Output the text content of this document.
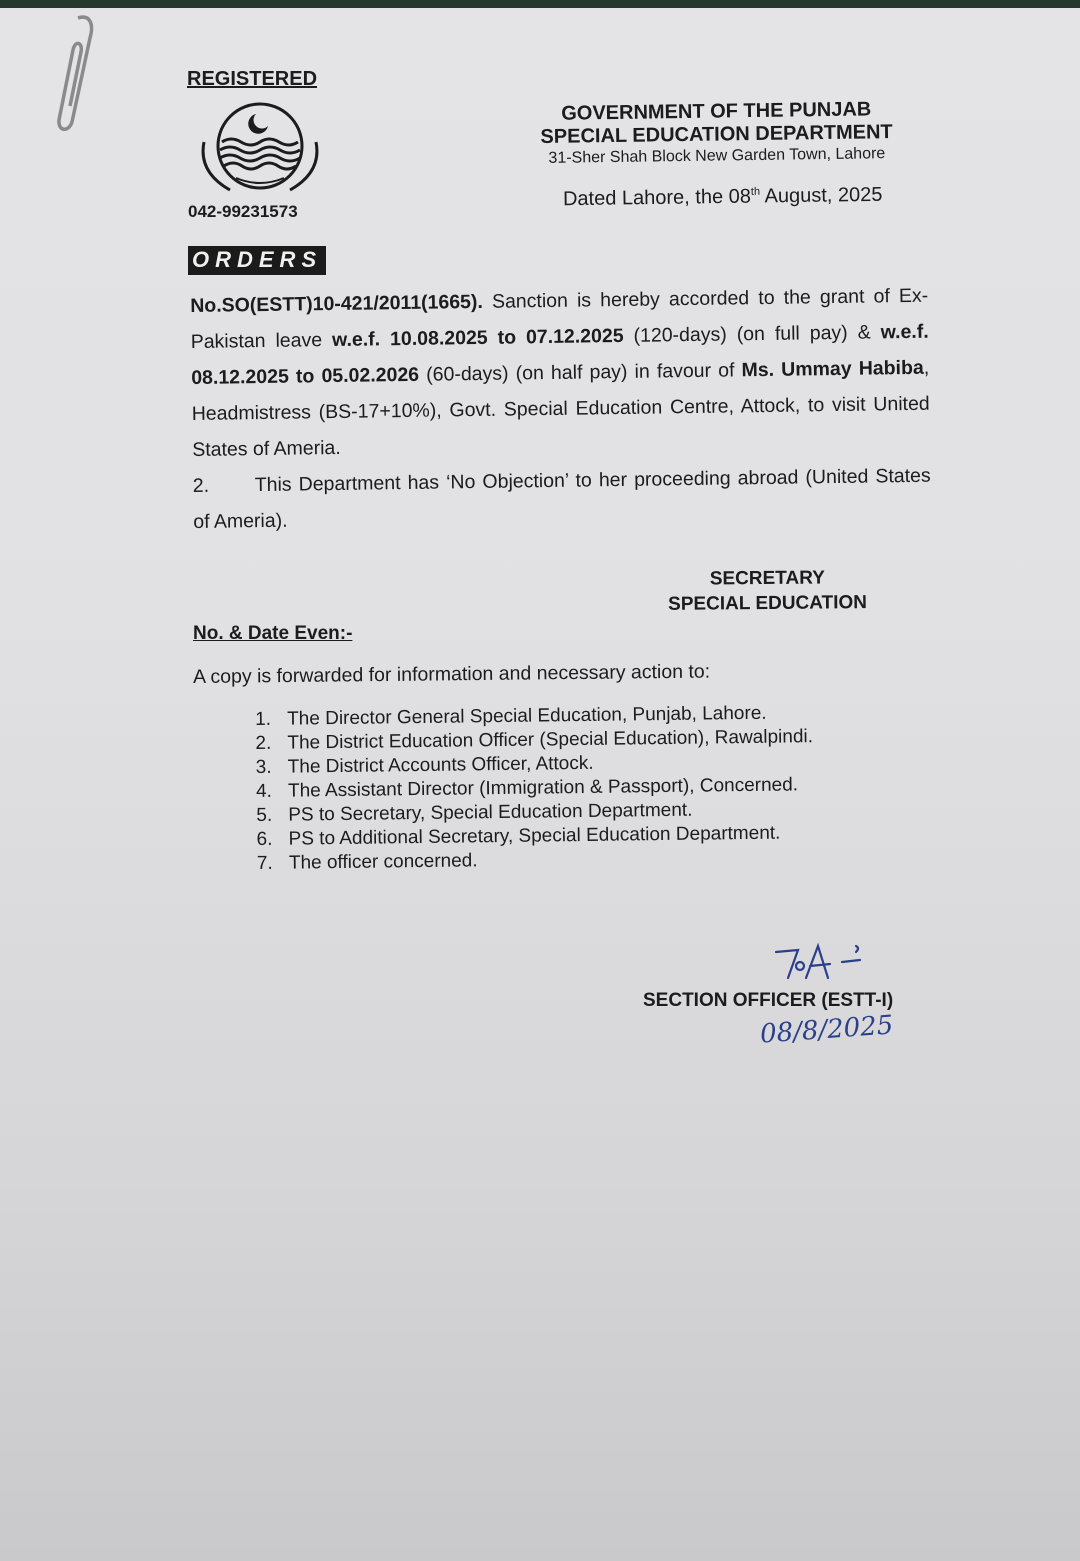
REGISTERED
042-99231573
ORDERS
GOVERNMENT OF THE PUNJAB
SPECIAL EDUCATION DEPARTMENT
31-Sher Shah Block New Garden Town, Lahore
Dated Lahore, the 08th August, 2025

No.SO(ESTT)10-421/2011(1665). Sanction is hereby accorded to the grant of Ex-Pakistan leave w.e.f. 10.08.2025 to 07.12.2025 (120-days) (on full pay) & w.e.f. 08.12.2025 to 05.02.2026 (60-days) (on half pay) in favour of Ms. Ummay Habiba, Headmistress (BS-17+10%), Govt. Special Education Centre, Attock, to visit United States of Ameria.

2. This Department has ‘No Objection’ to her proceeding abroad (United States of Ameria).

SECRETARY
SPECIAL EDUCATION
No. & Date Even:-
A copy is forwarded for information and necessary action to:
1. The Director General Special Education, Punjab, Lahore.
2. The District Education Officer (Special Education), Rawalpindi.
3. The District Accounts Officer, Attock.
4. The Assistant Director (Immigration & Passport), Concerned.
5. PS to Secretary, Special Education Department.
6. PS to Additional Secretary, Special Education Department.
7. The officer concerned.
SECTION OFFICER (ESTT-I)
08/8/2025
